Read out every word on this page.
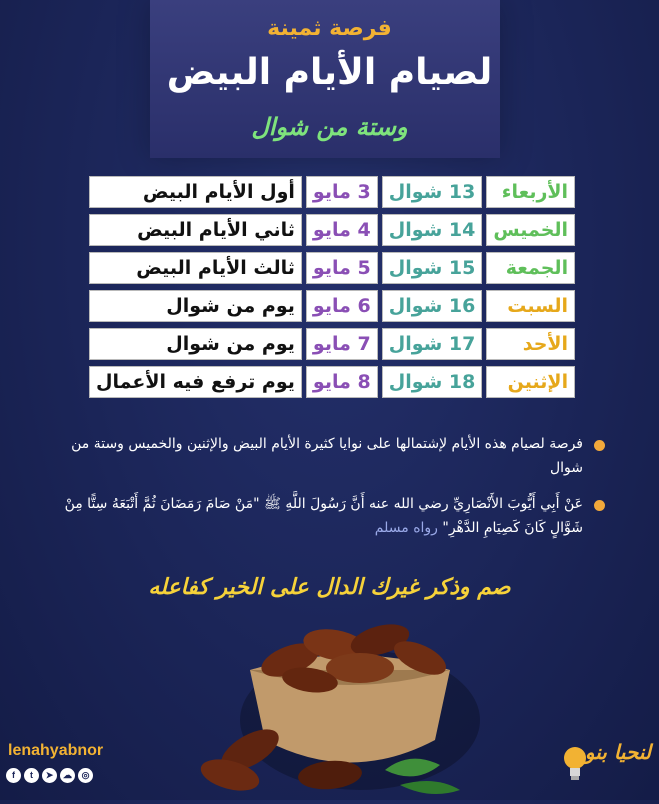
فرصة ثمينة
لصيام الأيام البيض
وستة من شوال
الأربعاء	13 شوال	3 مايو	أول الأيام البيض
الخميس	14 شوال	4 مايو	ثاني الأيام البيض
الجمعة	15 شوال	5 مايو	ثالث الأيام البيض
السبت	16 شوال	6 مايو	يوم من شوال
الأحد	17 شوال	7 مايو	يوم من شوال
الإثنين	18 شوال	8 مايو	يوم ترفع فيه الأعمال
فرصة لصيام هذه الأيام لإشتمالها على نوايا كثيرة الأيام البيض والإثنين والخميس وستة من شوال
عَنْ أَبِي أَيُّوبَ الأَنْصَارِيِّ رضي الله عنه أَنَّ رَسُولَ اللَّهِ ﷺ "مَنْ صَامَ رَمَضَانَ ثُمَّ أَتْبَعَهُ سِتًّا مِنْ شَوَّالٍ كَانَ كَصِيَامِ الدَّهْرِ" رواه مسلم
صم وذكر غيرك الدال على الخير كفاعله
lenahyabnor
f	t	➤	☁	◎
لنحيا بنور
